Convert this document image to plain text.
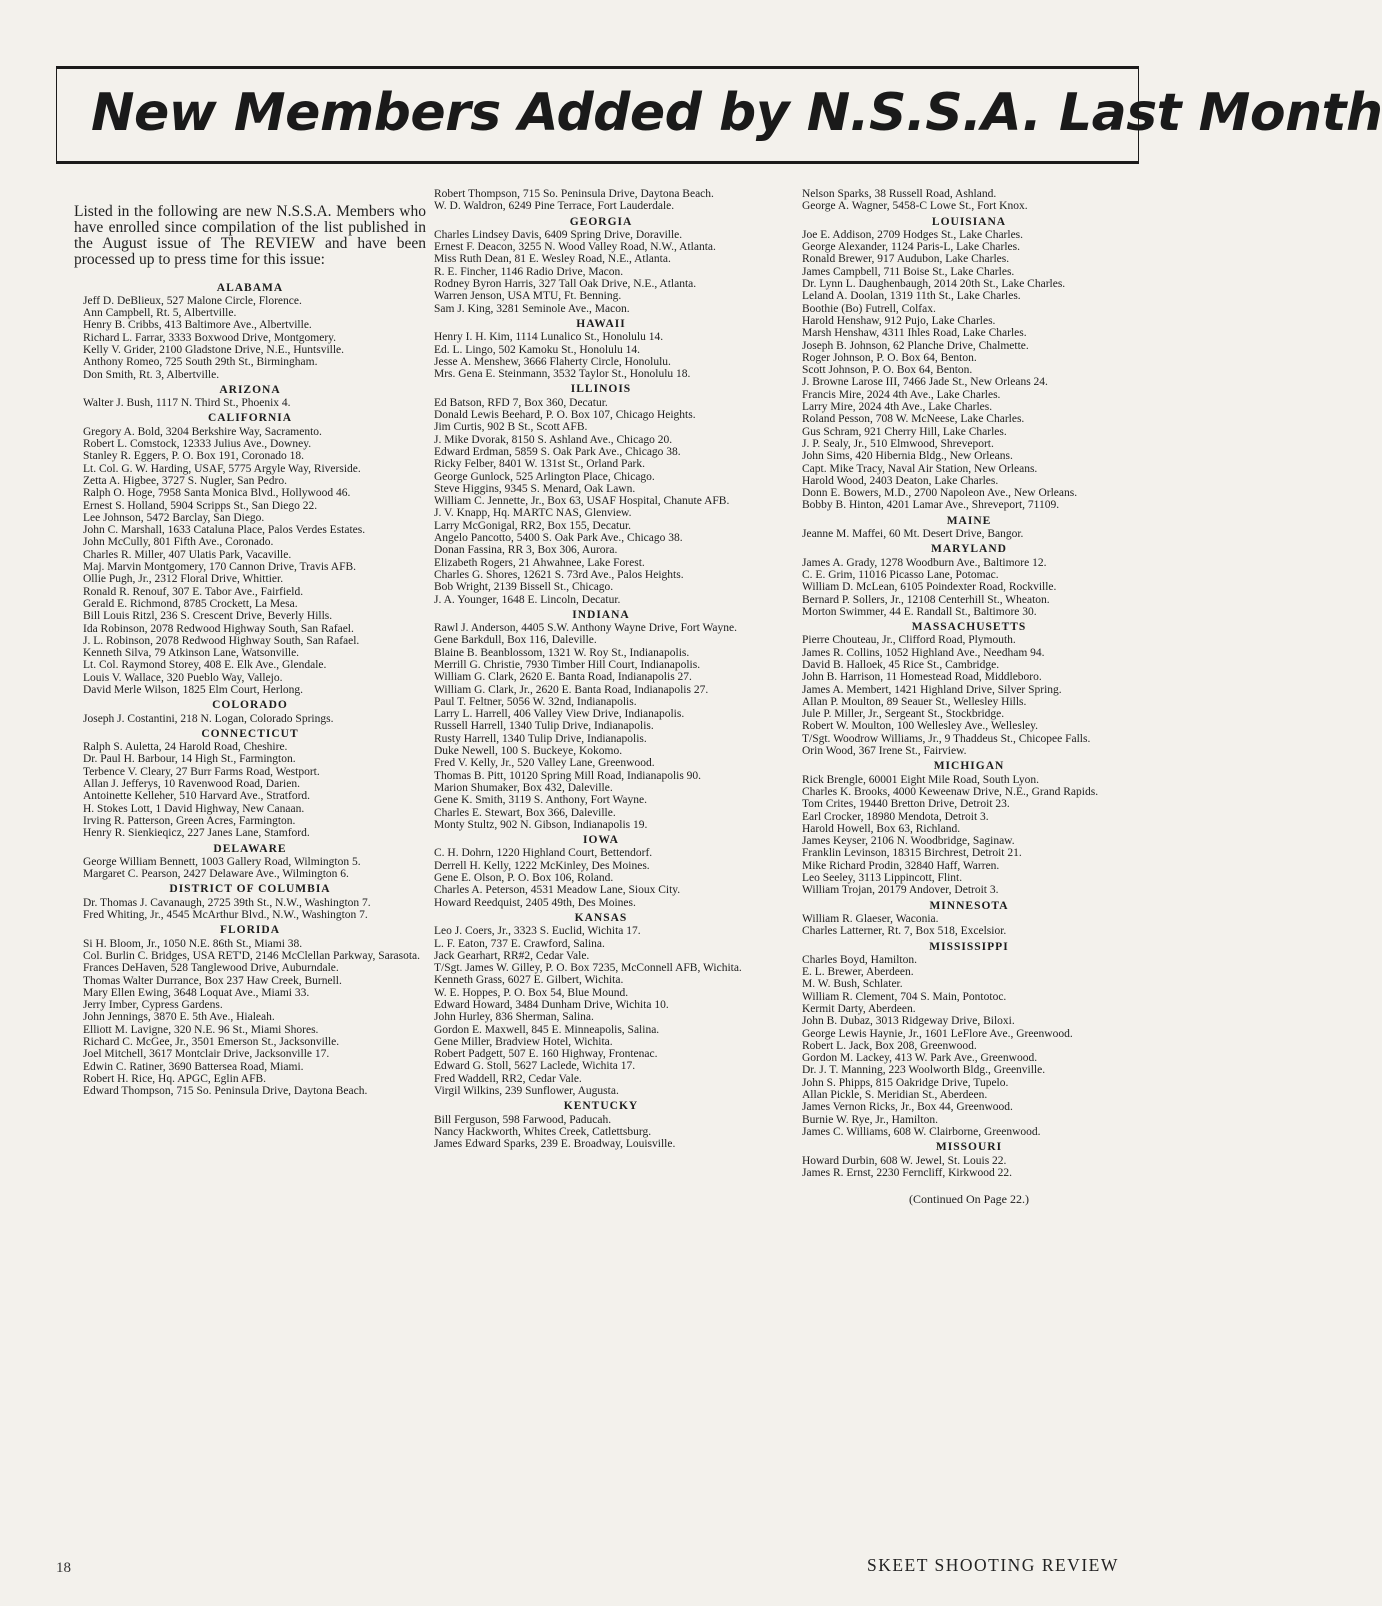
New Members Added by N.S.S.A. Last Month

Listed in the following are new N.S.S.A. Members who have enrolled since compilation of the list published in the August issue of The REVIEW and have been processed up to press time for this issue:

ALABAMA

Jeff D. DeBlieux, 527 Malone Circle, Florence.

Ann Campbell, Rt. 5, Albertville.

Henry B. Cribbs, 413 Baltimore Ave., Albertville.

Richard L. Farrar, 3333 Boxwood Drive, Montgomery.

Kelly V. Grider, 2100 Gladstone Drive, N.E., Huntsville.

Anthony Romeo, 725 South 29th St., Birmingham.

Don Smith, Rt. 3, Albertville.

ARIZONA

Walter J. Bush, 1117 N. Third St., Phoenix 4.

CALIFORNIA

Gregory A. Bold, 3204 Berkshire Way, Sacramento.

Robert L. Comstock, 12333 Julius Ave., Downey.

Stanley R. Eggers, P. O. Box 191, Coronado 18.

Lt. Col. G. W. Harding, USAF, 5775 Argyle Way, Riverside.

Zetta A. Higbee, 3727 S. Nugler, San Pedro.

Ralph O. Hoge, 7958 Santa Monica Blvd., Hollywood 46.

Ernest S. Holland, 5904 Scripps St., San Diego 22.

Lee Johnson, 5472 Barclay, San Diego.

John C. Marshall, 1633 Cataluna Place, Palos Verdes Estates.

John McCully, 801 Fifth Ave., Coronado.

Charles R. Miller, 407 Ulatis Park, Vacaville.

Maj. Marvin Montgomery, 170 Cannon Drive, Travis AFB.

Ollie Pugh, Jr., 2312 Floral Drive, Whittier.

Ronald R. Renouf, 307 E. Tabor Ave., Fairfield.

Gerald E. Richmond, 8785 Crockett, La Mesa.

Bill Louis Ritzl, 236 S. Crescent Drive, Beverly Hills.

Ida Robinson, 2078 Redwood Highway South, San Rafael.

J. L. Robinson, 2078 Redwood Highway South, San Rafael.

Kenneth Silva, 79 Atkinson Lane, Watsonville.

Lt. Col. Raymond Storey, 408 E. Elk Ave., Glendale.

Louis V. Wallace, 320 Pueblo Way, Vallejo.

David Merle Wilson, 1825 Elm Court, Herlong.

COLORADO

Joseph J. Costantini, 218 N. Logan, Colorado Springs.

CONNECTICUT

Ralph S. Auletta, 24 Harold Road, Cheshire.

Dr. Paul H. Barbour, 14 High St., Farmington.

Terbence V. Cleary, 27 Burr Farms Road, Westport.

Allan J. Jefferys, 10 Ravenwood Road, Darien.

Antoinette Kelleher, 510 Harvard Ave., Stratford.

H. Stokes Lott, 1 David Highway, New Canaan.

Irving R. Patterson, Green Acres, Farmington.

Henry R. Sienkieqicz, 227 Janes Lane, Stamford.

DELAWARE

George William Bennett, 1003 Gallery Road, Wilmington 5.

Margaret C. Pearson, 2427 Delaware Ave., Wilmington 6.

DISTRICT OF COLUMBIA

Dr. Thomas J. Cavanaugh, 2725 39th St., N.W., Washington 7.

Fred Whiting, Jr., 4545 McArthur Blvd., N.W., Washington 7.

FLORIDA

Si H. Bloom, Jr., 1050 N.E. 86th St., Miami 38.

Col. Burlin C. Bridges, USA RET'D, 2146 McClellan Parkway, Sarasota.

Frances DeHaven, 528 Tanglewood Drive, Auburndale.

Thomas Walter Durrance, Box 237 Haw Creek, Burnell.

Mary Ellen Ewing, 3648 Loquat Ave., Miami 33.

Jerry Imber, Cypress Gardens.

John Jennings, 3870 E. 5th Ave., Hialeah.

Elliott M. Lavigne, 320 N.E. 96 St., Miami Shores.

Richard C. McGee, Jr., 3501 Emerson St., Jacksonville.

Joel Mitchell, 3617 Montclair Drive, Jacksonville 17.

Edwin C. Ratiner, 3690 Battersea Road, Miami.

Robert H. Rice, Hq. APGC, Eglin AFB.

Edward Thompson, 715 So. Peninsula Drive, Daytona Beach.

Robert Thompson, 715 So. Peninsula Drive, Daytona Beach.

W. D. Waldron, 6249 Pine Terrace, Fort Lauderdale.

GEORGIA

Charles Lindsey Davis, 6409 Spring Drive, Doraville.

Ernest F. Deacon, 3255 N. Wood Valley Road, N.W., Atlanta.

Miss Ruth Dean, 81 E. Wesley Road, N.E., Atlanta.

R. E. Fincher, 1146 Radio Drive, Macon.

Rodney Byron Harris, 327 Tall Oak Drive, N.E., Atlanta.

Warren Jenson, USA MTU, Ft. Benning.

Sam J. King, 3281 Seminole Ave., Macon.

HAWAII

Henry I. H. Kim, 1114 Lunalico St., Honolulu 14.

Ed. L. Lingo, 502 Kamoku St., Honolulu 14.

Jesse A. Menshew, 3666 Flaherty Circle, Honolulu.

Mrs. Gena E. Steinmann, 3532 Taylor St., Honolulu 18.

ILLINOIS

Ed Batson, RFD 7, Box 360, Decatur.

Donald Lewis Beehard, P. O. Box 107, Chicago Heights.

Jim Curtis, 902 B St., Scott AFB.

J. Mike Dvorak, 8150 S. Ashland Ave., Chicago 20.

Edward Erdman, 5859 S. Oak Park Ave., Chicago 38.

Ricky Felber, 8401 W. 131st St., Orland Park.

George Gunlock, 525 Arlington Place, Chicago.

Steve Higgins, 9345 S. Menard, Oak Lawn.

William C. Jennette, Jr., Box 63, USAF Hospital, Chanute AFB.

J. V. Knapp, Hq. MARTC NAS, Glenview.

Larry McGonigal, RR2, Box 155, Decatur.

Angelo Pancotto, 5400 S. Oak Park Ave., Chicago 38.

Donan Fassina, RR 3, Box 306, Aurora.

Elizabeth Rogers, 21 Ahwahnee, Lake Forest.

Charles G. Shores, 12621 S. 73rd Ave., Palos Heights.

Bob Wright, 2139 Bissell St., Chicago.

J. A. Younger, 1648 E. Lincoln, Decatur.

INDIANA

Rawl J. Anderson, 4405 S.W. Anthony Wayne Drive, Fort Wayne.

Gene Barkdull, Box 116, Daleville.

Blaine B. Beanblossom, 1321 W. Roy St., Indianapolis.

Merrill G. Christie, 7930 Timber Hill Court, Indianapolis.

William G. Clark, 2620 E. Banta Road, Indianapolis 27.

William G. Clark, Jr., 2620 E. Banta Road, Indianapolis 27.

Paul T. Feltner, 5056 W. 32nd, Indianapolis.

Larry L. Harrell, 406 Valley View Drive, Indianapolis.

Russell Harrell, 1340 Tulip Drive, Indianapolis.

Rusty Harrell, 1340 Tulip Drive, Indianapolis.

Duke Newell, 100 S. Buckeye, Kokomo.

Fred V. Kelly, Jr., 520 Valley Lane, Greenwood.

Thomas B. Pitt, 10120 Spring Mill Road, Indianapolis 90.

Marion Shumaker, Box 432, Daleville.

Gene K. Smith, 3119 S. Anthony, Fort Wayne.

Charles E. Stewart, Box 366, Daleville.

Monty Stultz, 902 N. Gibson, Indianapolis 19.

IOWA

C. H. Dohrn, 1220 Highland Court, Bettendorf.

Derrell H. Kelly, 1222 McKinley, Des Moines.

Gene E. Olson, P. O. Box 106, Roland.

Charles A. Peterson, 4531 Meadow Lane, Sioux City.

Howard Reedquist, 2405 49th, Des Moines.

KANSAS

Leo J. Coers, Jr., 3323 S. Euclid, Wichita 17.

L. F. Eaton, 737 E. Crawford, Salina.

Jack Gearhart, RR#2, Cedar Vale.

T/Sgt. James W. Gilley, P. O. Box 7235, McConnell AFB, Wichita.

Kenneth Grass, 6027 E. Gilbert, Wichita.

W. E. Hoppes, P. O. Box 54, Blue Mound.

Edward Howard, 3484 Dunham Drive, Wichita 10.

John Hurley, 836 Sherman, Salina.

Gordon E. Maxwell, 845 E. Minneapolis, Salina.

Gene Miller, Bradview Hotel, Wichita.

Robert Padgett, 507 E. 160 Highway, Frontenac.

Edward G. Stoll, 5627 Laclede, Wichita 17.

Fred Waddell, RR2, Cedar Vale.

Virgil Wilkins, 239 Sunflower, Augusta.

KENTUCKY

Bill Ferguson, 598 Farwood, Paducah.

Nancy Hackworth, Whites Creek, Catlettsburg.

James Edward Sparks, 239 E. Broadway, Louisville.

Nelson Sparks, 38 Russell Road, Ashland.

George A. Wagner, 5458-C Lowe St., Fort Knox.

LOUISIANA

Joe E. Addison, 2709 Hodges St., Lake Charles.

George Alexander, 1124 Paris-L, Lake Charles.

Ronald Brewer, 917 Audubon, Lake Charles.

James Campbell, 711 Boise St., Lake Charles.

Dr. Lynn L. Daughenbaugh, 2014 20th St., Lake Charles.

Leland A. Doolan, 1319 11th St., Lake Charles.

Boothie (Bo) Futrell, Colfax.

Harold Henshaw, 912 Pujo, Lake Charles.

Marsh Henshaw, 4311 Ihles Road, Lake Charles.

Joseph B. Johnson, 62 Planche Drive, Chalmette.

Roger Johnson, P. O. Box 64, Benton.

Scott Johnson, P. O. Box 64, Benton.

J. Browne Larose III, 7466 Jade St., New Orleans 24.

Francis Mire, 2024 4th Ave., Lake Charles.

Larry Mire, 2024 4th Ave., Lake Charles.

Roland Pesson, 708 W. McNeese, Lake Charles.

Gus Schram, 921 Cherry Hill, Lake Charles.

J. P. Sealy, Jr., 510 Elmwood, Shreveport.

John Sims, 420 Hibernia Bldg., New Orleans.

Capt. Mike Tracy, Naval Air Station, New Orleans.

Harold Wood, 2403 Deaton, Lake Charles.

Donn E. Bowers, M.D., 2700 Napoleon Ave., New Orleans.

Bobby B. Hinton, 4201 Lamar Ave., Shreveport, 71109.

MAINE

Jeanne M. Maffei, 60 Mt. Desert Drive, Bangor.

MARYLAND

James A. Grady, 1278 Woodburn Ave., Baltimore 12.

C. E. Grim, 11016 Picasso Lane, Potomac.

William D. McLean, 6105 Poindexter Road, Rockville.

Bernard P. Sollers, Jr., 12108 Centerhill St., Wheaton.

Morton Swimmer, 44 E. Randall St., Baltimore 30.

MASSACHUSETTS

Pierre Chouteau, Jr., Clifford Road, Plymouth.

James R. Collins, 1052 Highland Ave., Needham 94.

David B. Halloek, 45 Rice St., Cambridge.

John B. Harrison, 11 Homestead Road, Middleboro.

James A. Membert, 1421 Highland Drive, Silver Spring.

Allan P. Moulton, 89 Seauer St., Wellesley Hills.

Jule P. Miller, Jr., Sergeant St., Stockbridge.

Robert W. Moulton, 100 Wellesley Ave., Wellesley.

T/Sgt. Woodrow Williams, Jr., 9 Thaddeus St., Chicopee Falls.

Orin Wood, 367 Irene St., Fairview.

MICHIGAN

Rick Brengle, 60001 Eight Mile Road, South Lyon.

Charles K. Brooks, 4000 Keweenaw Drive, N.E., Grand Rapids.

Tom Crites, 19440 Bretton Drive, Detroit 23.

Earl Crocker, 18980 Mendota, Detroit 3.

Harold Howell, Box 63, Richland.

James Keyser, 2106 N. Woodbridge, Saginaw.

Franklin Levinson, 18315 Birchrest, Detroit 21.

Mike Richard Prodin, 32840 Haff, Warren.

Leo Seeley, 3113 Lippincott, Flint.

William Trojan, 20179 Andover, Detroit 3.

MINNESOTA

William R. Glaeser, Waconia.

Charles Latterner, Rt. 7, Box 518, Excelsior.

MISSISSIPPI

Charles Boyd, Hamilton.

E. L. Brewer, Aberdeen.

M. W. Bush, Schlater.

William R. Clement, 704 S. Main, Pontotoc.

Kermit Darty, Aberdeen.

John B. Dubaz, 3013 Ridgeway Drive, Biloxi.

George Lewis Haynie, Jr., 1601 LeFlore Ave., Greenwood.

Robert L. Jack, Box 208, Greenwood.

Gordon M. Lackey, 413 W. Park Ave., Greenwood.

Dr. J. T. Manning, 223 Woolworth Bldg., Greenville.

John S. Phipps, 815 Oakridge Drive, Tupelo.

Allan Pickle, S. Meridian St., Aberdeen.

James Vernon Ricks, Jr., Box 44, Greenwood.

Burnie W. Rye, Jr., Hamilton.

James C. Williams, 608 W. Clairborne, Greenwood.

MISSOURI

Howard Durbin, 608 W. Jewel, St. Louis 22.

James R. Ernst, 2230 Ferncliff, Kirkwood 22.

(Continued On Page 22.)
18	SKEET SHOOTING REVIEW
